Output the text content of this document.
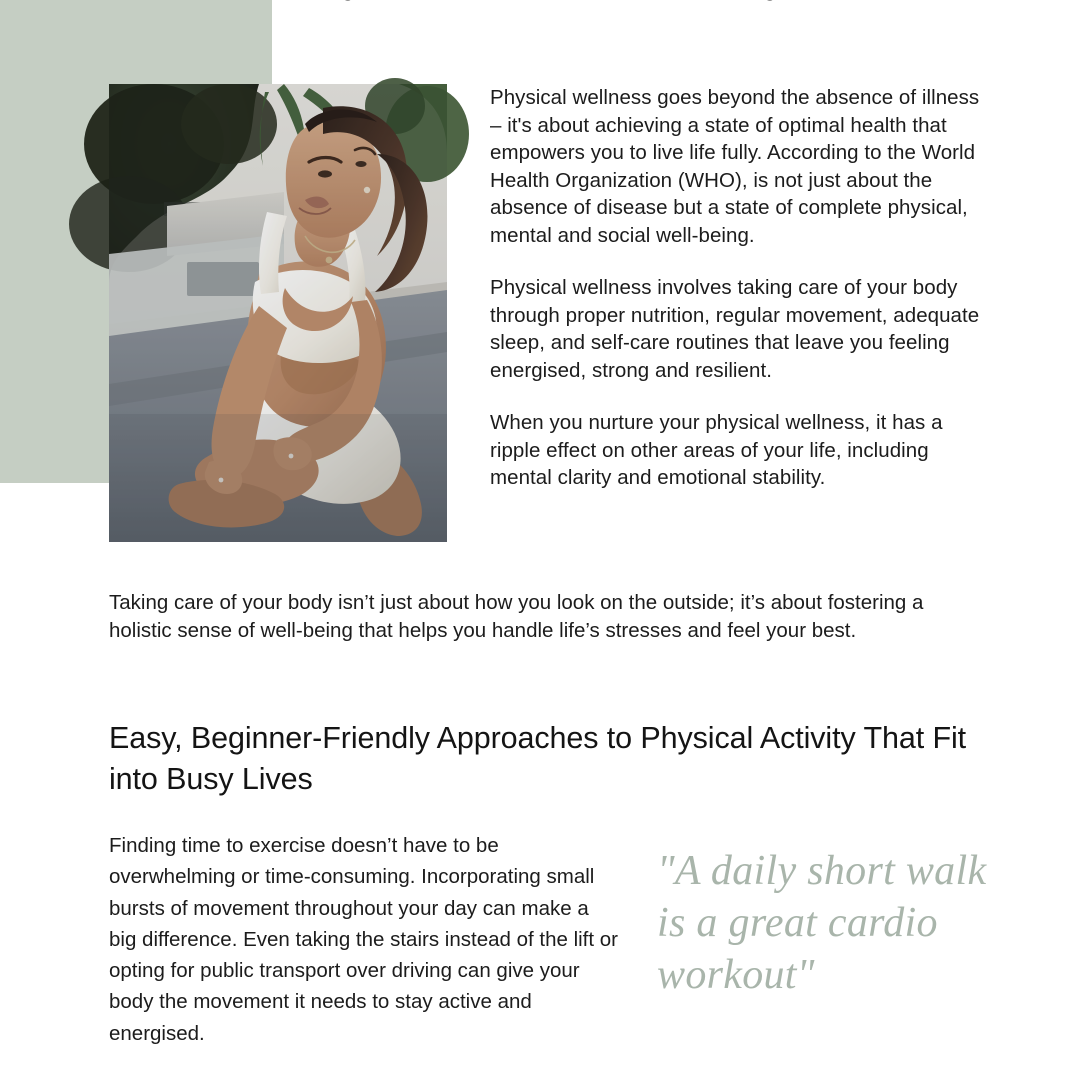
Physical wellness goes beyond the absence of illness – it's about achieving a state of optimal health that empowers you to live life fully. According to the World Health Organization (WHO), is not just about the absence of disease but a state of complete physical, mental and social well-being.

Physical wellness involves taking care of your body through proper nutrition, regular movement, adequate sleep, and self-care routines that leave you feeling energised, strong and resilient.

When you nurture your physical wellness, it has a ripple effect on other areas of your life, including mental clarity and emotional stability.

Taking care of your body isn’t just about how you look on the outside; it’s about fostering a holistic sense of well-being that helps you handle life’s stresses and feel your best.

Easy, Beginner-Friendly Approaches to Physical Activity That Fit into Busy Lives

Finding time to exercise doesn’t have to be overwhelming or time-consuming. Incorporating small bursts of movement throughout your day can make a big difference. Even taking the stairs instead of the lift or opting for public transport over driving can give your body the movement it needs to stay active and energised.

"A daily short walk is a great cardio workout"
